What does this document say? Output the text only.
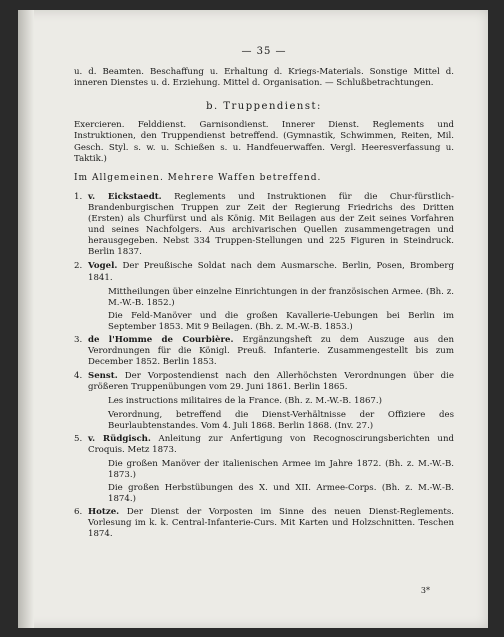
— 35 —

u. d. Beamten. Beschaffung u. Erhaltung d. Kriegs-Materials. Sonstige Mittel d. inneren Dienstes u. d. Erziehung. Mittel d. Organisation. — Schlußbetrachtungen.

b. Truppendienst:

Exercieren. Felddienst. Garnisondienst. Innerer Dienst. Reglements und Instruktionen, den Truppendienst betreffend. (Gymnastik, Schwimmen, Reiten, Mil. Gesch. Styl. s. w. u. Schießen s. u. Handfeuerwaffen. Vergl. Heeresverfassung u. Taktik.)

Im Allgemeinen. Mehrere Waffen betreffend.
1. v. Eickstaedt. Reglements und Instruktionen für die Chur-fürstlich-Brandenburgischen Truppen zur Zeit der Regierung Friedrichs des Dritten (Ersten) als Churfürst und als König. Mit Beilagen aus der Zeit seines Vorfahren und seines Nachfolgers. Aus archivarischen Quellen zusammengetragen und herausgegeben. Nebst 334 Truppen-Stellungen und 225 Figuren in Steindruck. Berlin 1837.

2. Vogel. Der Preußische Soldat nach dem Ausmarsche. Berlin, Posen, Bromberg 1841.

Mittheilungen über einzelne Einrichtungen in der französischen Armee. (Bh. z. M.-W.-B. 1852.)

Die Feld-Manöver und die großen Kavallerie-Uebungen bei Berlin im September 1853. Mit 9 Beilagen. (Bh. z. M.-W.-B. 1853.)

3. de l'Homme de Courbière. Ergänzungsheft zu dem Auszuge aus den Verordnungen für die Königl. Preuß. Infanterie. Zusammengestellt bis zum December 1852. Berlin 1853.

4. Senst. Der Vorpostendienst nach den Allerhöchsten Verordnungen über die größeren Truppenübungen vom 29. Juni 1861. Berlin 1865.

Les instructions militaires de la France. (Bh. z. M.-W.-B. 1867.)

Verordnung, betreffend die Dienst-Verhältnisse der Offiziere des Beurlaubtenstandes. Vom 4. Juli 1868. Berlin 1868. (Inv. 27.)

5. v. Rüdgisch. Anleitung zur Anfertigung von Recognoscirungsberichten und Croquis. Metz 1873.

Die großen Manöver der italienischen Armee im Jahre 1872. (Bh. z. M.-W.-B. 1873.)

Die großen Herbstübungen des X. und XII. Armee-Corps. (Bh. z. M.-W.-B. 1874.)

6. Hotze. Der Dienst der Vorposten im Sinne des neuen Dienst-Reglements. Vorlesung im k. k. Central-Infanterie-Curs. Mit Karten und Holzschnitten. Teschen 1874.

3*
